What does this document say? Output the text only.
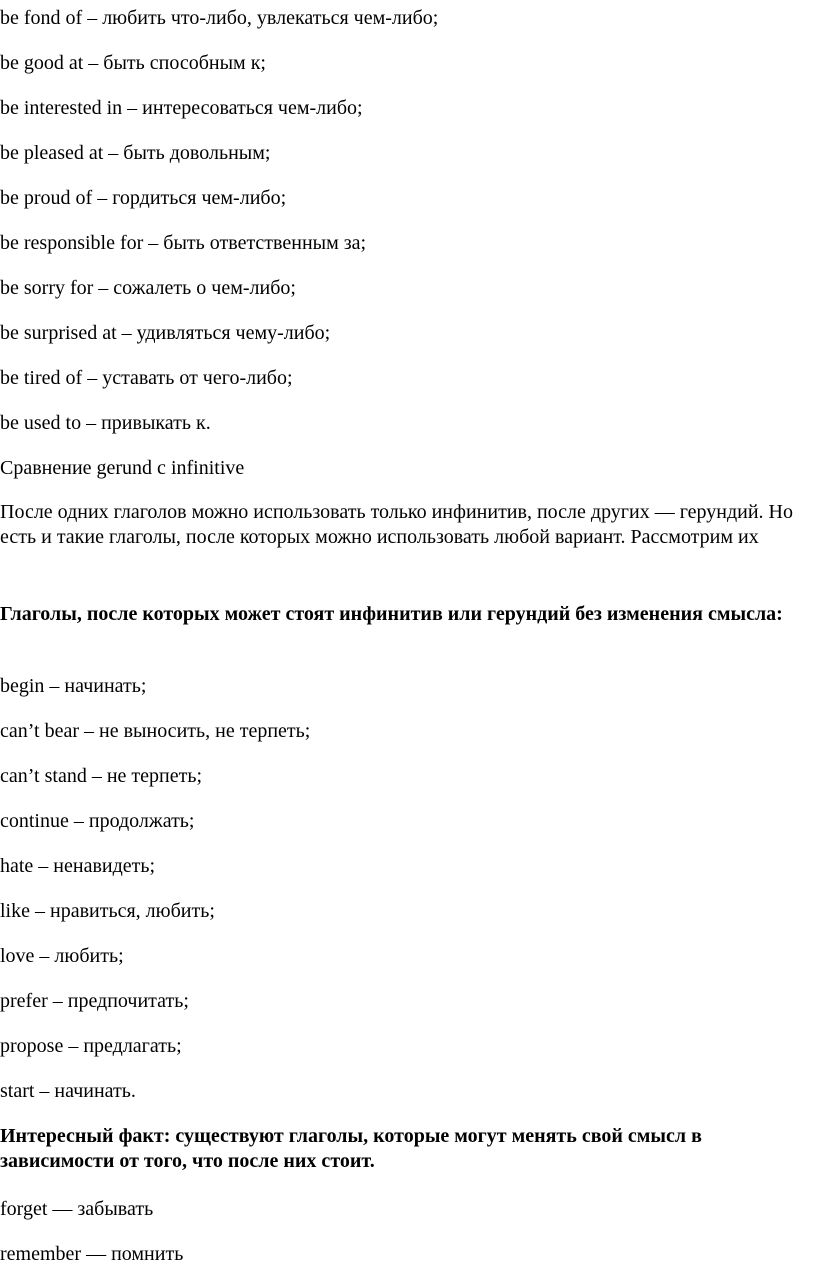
be fond of – любить что-либо, увлекаться чем-либо;

be good at – быть способным к;

be interested in – интересоваться чем-либо;

be pleased at – быть довольным;

be proud of – гордиться чем-либо;

be responsible for – быть ответственным за;

be sorry for – сожалеть о чем-либо;

be surprised at – удивляться чему-либо;

be tired of – уставать от чего-либо;

be used to – привыкать к.

Сравнение gerund с infinitive

После одних глаголов можно использовать только инфинитив, после других — герундий. Но есть и такие глаголы, после которых можно использовать любой вариант. Рассмотрим их

Глаголы, после которых может стоят инфинитив или герундий без изменения смысла:

begin – начинать;

can’t bear – не выносить, не терпеть;

can’t stand – не терпеть;

continue – продолжать;

hate – ненавидеть;

like – нравиться, любить;

love – любить;

prefer – предпочитать;

propose – предлагать;

start – начинать.

Интересный факт: существуют глаголы, которые могут менять свой смысл в зависимости от того, что после них стоит.

forget — забывать

remember — помнить
